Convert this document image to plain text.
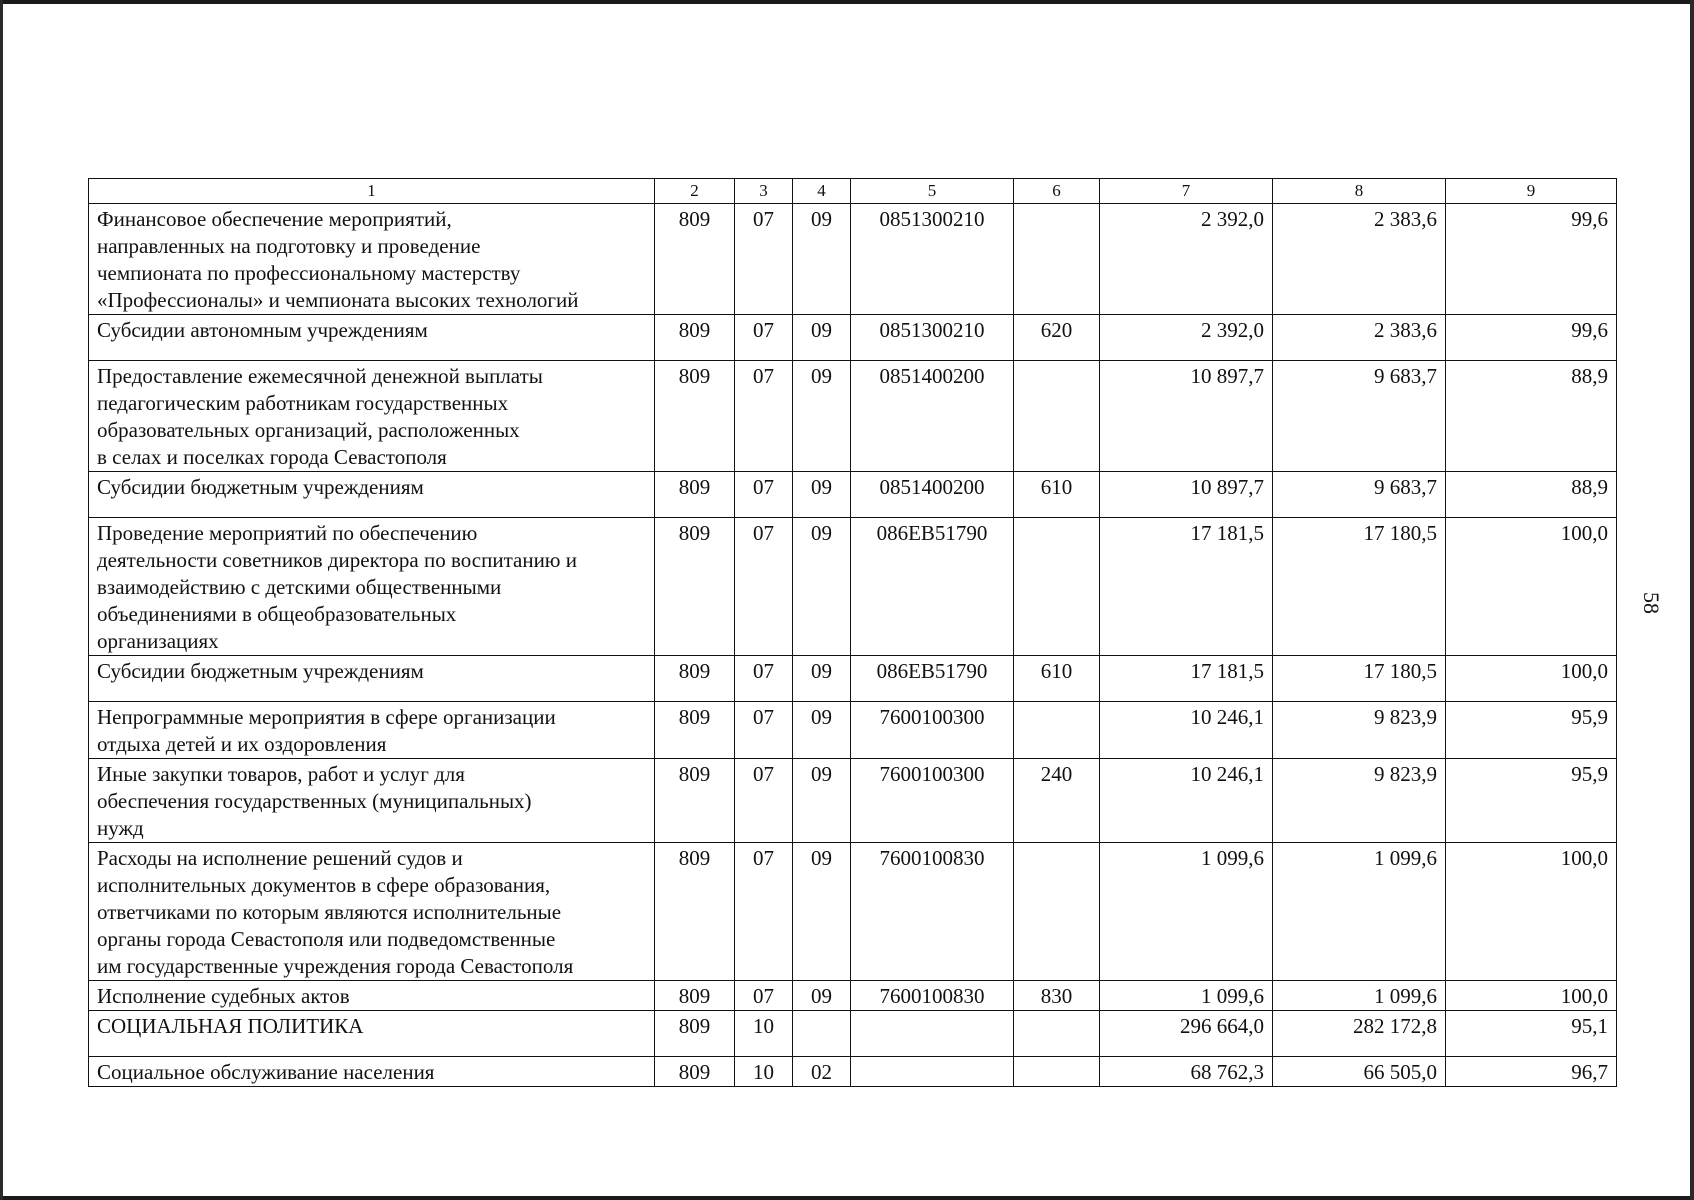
58
1	2	3	4	5	6	7	8	9

Финансовое обеспечение мероприятий,
направленных на подготовку и проведение
чемпионата по профессиональному мастерству
«Профессионалы» и чемпионата высоких технологий	809	07	09	0851300210		2 392,0	2 383,6	99,6

Субсидии автономным учреждениям	809	07	09	0851300210	620	2 392,0	2 383,6	99,6

Предоставление ежемесячной денежной выплаты
педагогическим работникам государственных
образовательных организаций, расположенных
в селах и поселках города Севастополя	809	07	09	0851400200		10 897,7	9 683,7	88,9

Субсидии бюджетным учреждениям	809	07	09	0851400200	610	10 897,7	9 683,7	88,9

Проведение мероприятий по обеспечению
деятельности советников директора по воспитанию и
взаимодействию с детскими общественными
объединениями в общеобразовательных
организациях	809	07	09	086EB51790		17 181,5	17 180,5	100,0

Субсидии бюджетным учреждениям	809	07	09	086EB51790	610	17 181,5	17 180,5	100,0

Непрограммные мероприятия в сфере организации
отдыха детей и их оздоровления	809	07	09	7600100300		10 246,1	9 823,9	95,9

Иные закупки товаров, работ и услуг для
обеспечения государственных (муниципальных)
нужд	809	07	09	7600100300	240	10 246,1	9 823,9	95,9

Расходы на исполнение решений судов и
исполнительных документов в сфере образования,
ответчиками по которым являются исполнительные
органы города Севастополя или подведомственные
им государственные учреждения города Севастополя	809	07	09	7600100830		1 099,6	1 099,6	100,0

Исполнение судебных актов	809	07	09	7600100830	830	1 099,6	1 099,6	100,0

СОЦИАЛЬНАЯ ПОЛИТИКА	809	10				296 664,0	282 172,8	95,1

Социальное обслуживание населения	809	10	02			68 762,3	66 505,0	96,7
